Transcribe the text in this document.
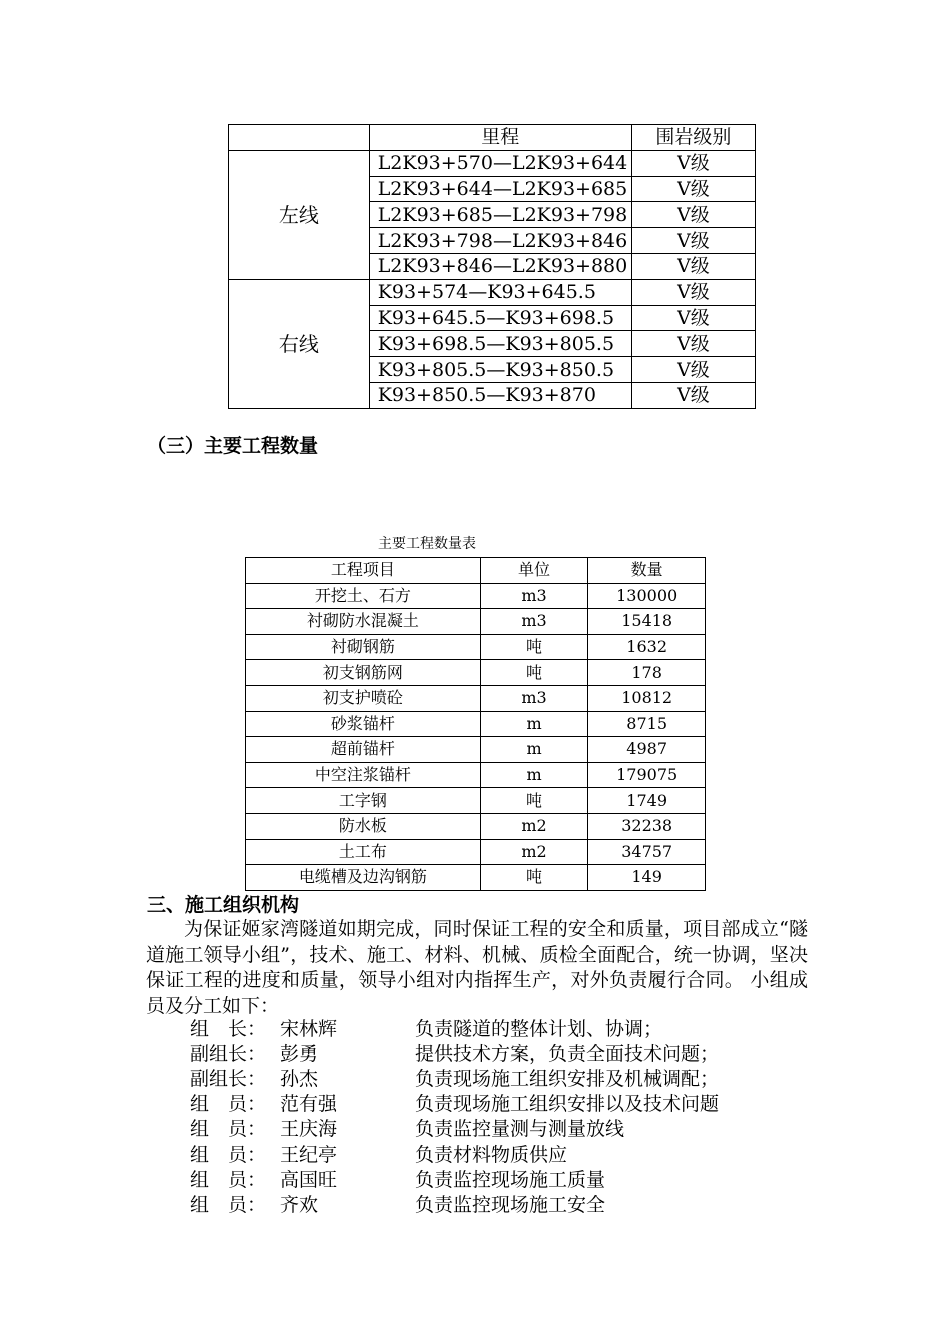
	里程	围岩级别
左线	L2K93+570—L2K93+644	Ⅴ级
	L2K93+644—L2K93+685	Ⅴ级
	L2K93+685—L2K93+798	Ⅴ级
	L2K93+798—L2K93+846	Ⅴ级
	L2K93+846—L2K93+880	Ⅴ级
右线	K93+574—K93+645.5	Ⅴ级
	K93+645.5—K93+698.5	Ⅴ级
	K93+698.5—K93+805.5	Ⅴ级
	K93+805.5—K93+850.5	Ⅴ级
	K93+850.5—K93+870	Ⅴ级
（三）主要工程数量
主要工程数量表
工程项目	单位	数量
开挖土、石方	m3	130000
衬砌防水混凝土	m3	15418
衬砌钢筋	吨	1632
初支钢筋网	吨	178
初支护喷砼	m3	10812
砂浆锚杆	m	8715
超前锚杆	m	4987
中空注浆锚杆	m	179075
工字钢	吨	1749
防水板	m2	32238
土工布	m2	34757
电缆槽及边沟钢筋	吨	149
三、施工组织机构

为保证姬家湾隧道如期完成，同时保证工程的安全和质量，项目部成立“隧道施工领导小组”，技术、施工、材料、机械、质检全面配合，统一协调，坚决保证工程的进度和质量，领导小组对内指挥生产，对外负责履行合同。 小组成员及分工如下：

组　长： 宋林辉	负责隧道的整体计划、协调；
副组长： 彭勇	提供技术方案，负责全面技术问题；
副组长： 孙杰	负责现场施工组织安排及机械调配；
组　员： 范有强	负责现场施工组织安排以及技术问题
组　员： 王庆海	负责监控量测与测量放线
组　员： 王纪亭	负责材料物质供应
组　员： 高国旺	负责监控现场施工质量
组　员： 齐欢	负责监控现场施工安全
